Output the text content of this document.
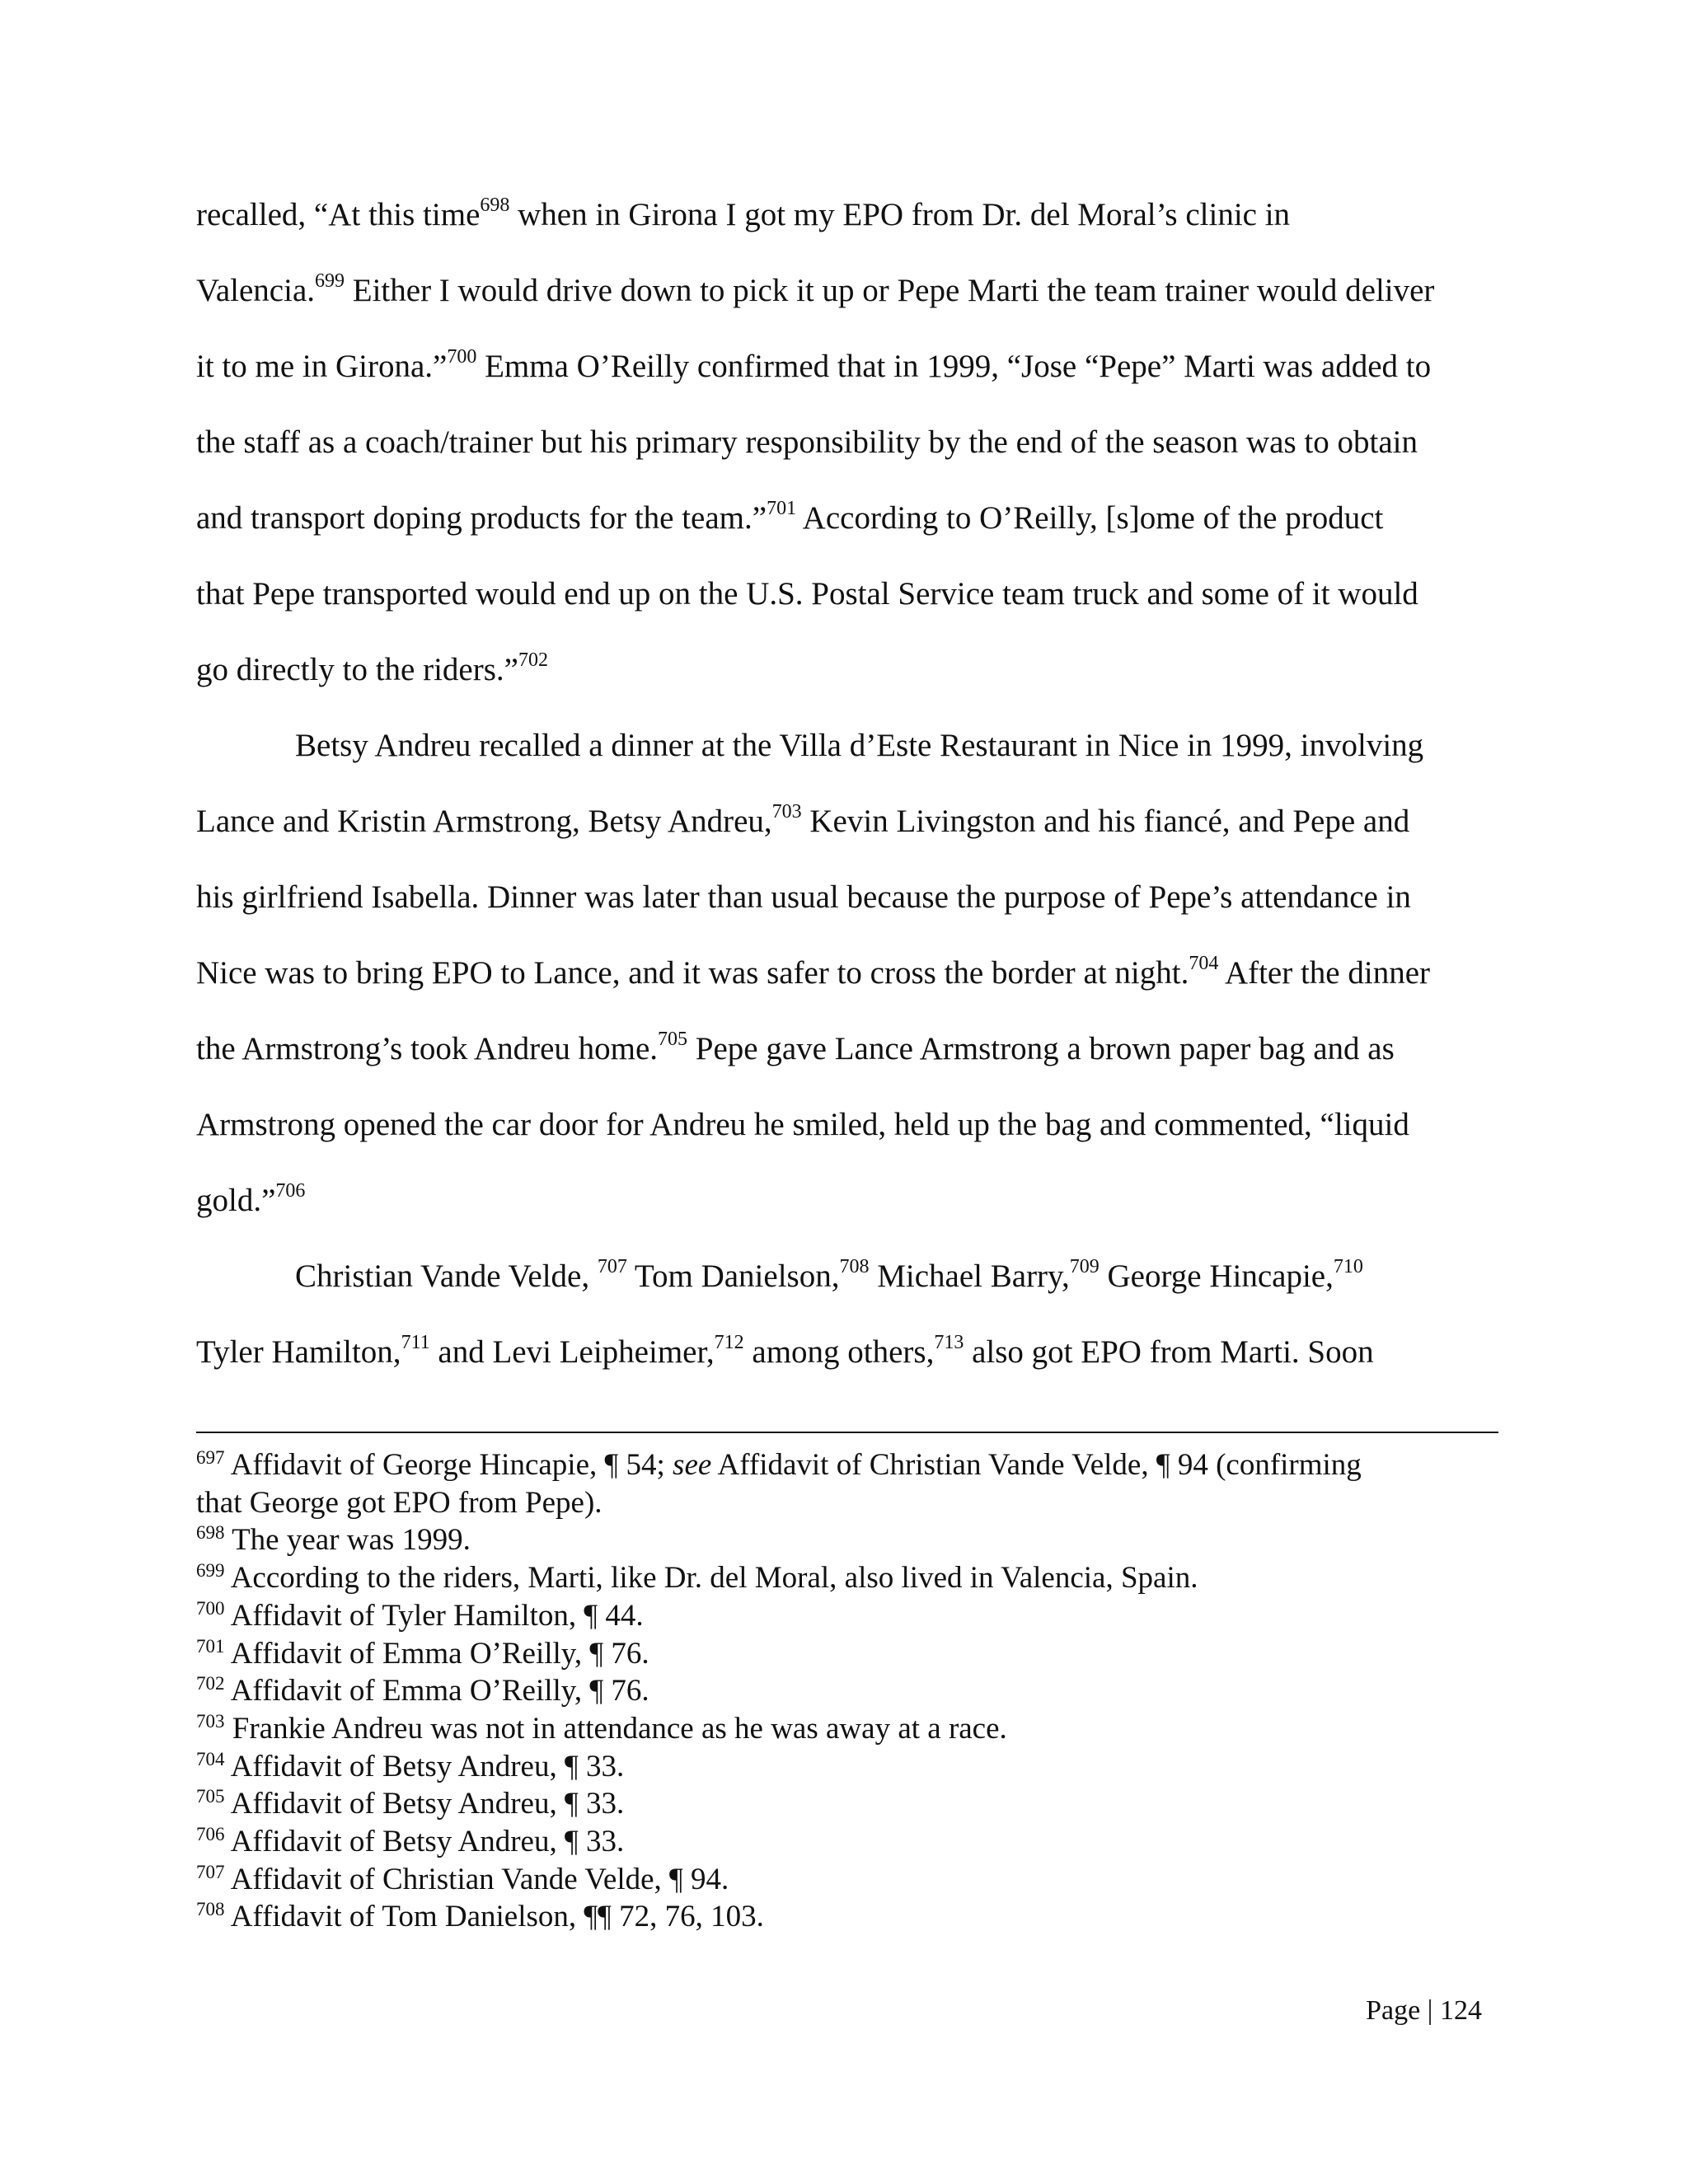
recalled, “At this time$^{698}$ when in Girona I got my EPO from Dr. del Moral’s clinic in
Valencia.$^{699}$ Either I would drive down to pick it up or Pepe Marti the team trainer would deliver
it to me in Girona.”$^{700}$ Emma O’Reilly confirmed that in 1999, “Jose “Pepe” Marti was added to
the staff as a coach/trainer but his primary responsibility by the end of the season was to obtain
and transport doping products for the team.”$^{701}$ According to O’Reilly, [s]ome of the product
that Pepe transported would end up on the U.S. Postal Service team truck and some of it would
go directly to the riders.”$^{702}$
Betsy Andreu recalled a dinner at the Villa d’Este Restaurant in Nice in 1999, involving
Lance and Kristin Armstrong, Betsy Andreu,$^{703}$ Kevin Livingston and his fiancé, and Pepe and
his girlfriend Isabella. Dinner was later than usual because the purpose of Pepe’s attendance in
Nice was to bring EPO to Lance, and it was safer to cross the border at night.$^{704}$ After the dinner
the Armstrong’s took Andreu home.$^{705}$ Pepe gave Lance Armstrong a brown paper bag and as
Armstrong opened the car door for Andreu he smiled, held up the bag and commented, “liquid
gold.”$^{706}$
Christian Vande Velde, $^{707}$ Tom Danielson,$^{708}$ Michael Barry,$^{709}$ George Hincapie,$^{710}$
Tyler Hamilton,$^{711}$ and Levi Leipheimer,$^{712}$ among others,$^{713}$ also got EPO from Marti. Soon
$^{697}$ Affidavit of George Hincapie, ¶ 54; see Affidavit of Christian Vande Velde, ¶ 94 (confirming
that George got EPO from Pepe).
$^{698}$ The year was 1999.
$^{699}$ According to the riders, Marti, like Dr. del Moral, also lived in Valencia, Spain.
$^{700}$ Affidavit of Tyler Hamilton, ¶ 44.
$^{701}$ Affidavit of Emma O’Reilly, ¶ 76.
$^{702}$ Affidavit of Emma O’Reilly, ¶ 76.
$^{703}$ Frankie Andreu was not in attendance as he was away at a race.
$^{704}$ Affidavit of Betsy Andreu, ¶ 33.
$^{705}$ Affidavit of Betsy Andreu, ¶ 33.
$^{706}$ Affidavit of Betsy Andreu, ¶ 33.
$^{707}$ Affidavit of Christian Vande Velde, ¶ 94.
$^{708}$ Affidavit of Tom Danielson, ¶¶ 72, 76, 103.
Page | 124
